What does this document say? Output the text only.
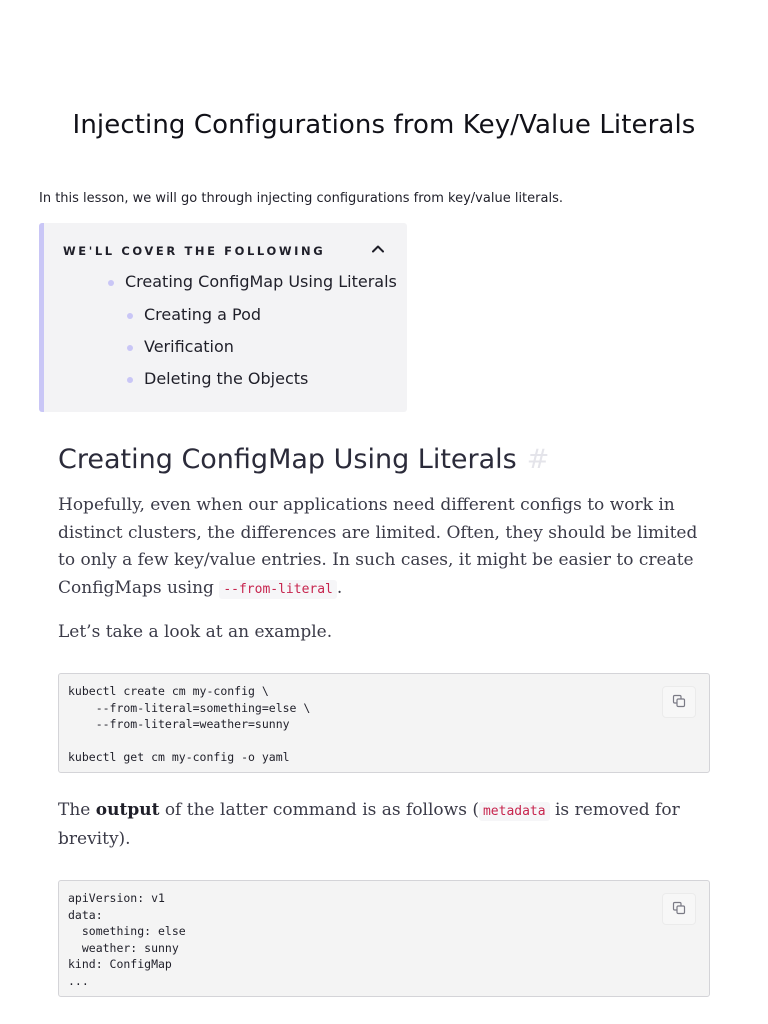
Injecting Configurations from Key/Value Literals

In this lesson, we will go through injecting configurations from key/value literals.

WE'LL COVER THE FOLLOWING
Creating ConfigMap Using Literals
Creating a Pod
Verification
Deleting the Objects
Creating ConfigMap Using Literals #

Hopefully, even when our applications need different configs to work in distinct clusters, the differences are limited. Often, they should be limited to only a few key/value entries. In such cases, it might be easier to create ConfigMaps using --from-literal .

Let’s take a look at an example.

kubectl create cm my-config \
--from-literal=something=else \
--from-literal=weather=sunny

kubectl get cm my-config -o yaml

The output of the latter command is as follows ( metadata is removed for brevity).

apiVersion: v1
data:
something: else
weather: sunny
kind: ConfigMap
...
